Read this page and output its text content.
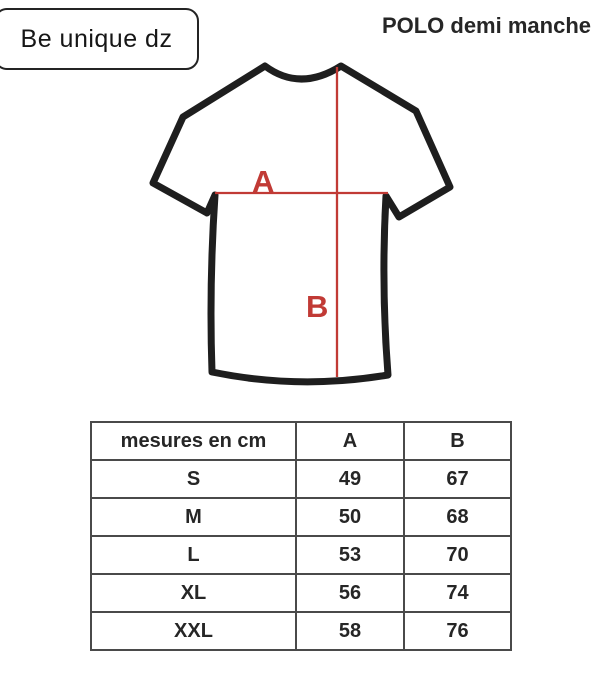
Be unique dz	POLO demi manche
A
B
mesures en cm	A	B
S	49	67
M	50	68
L	53	70
XL	56	74
XXL	58	76
